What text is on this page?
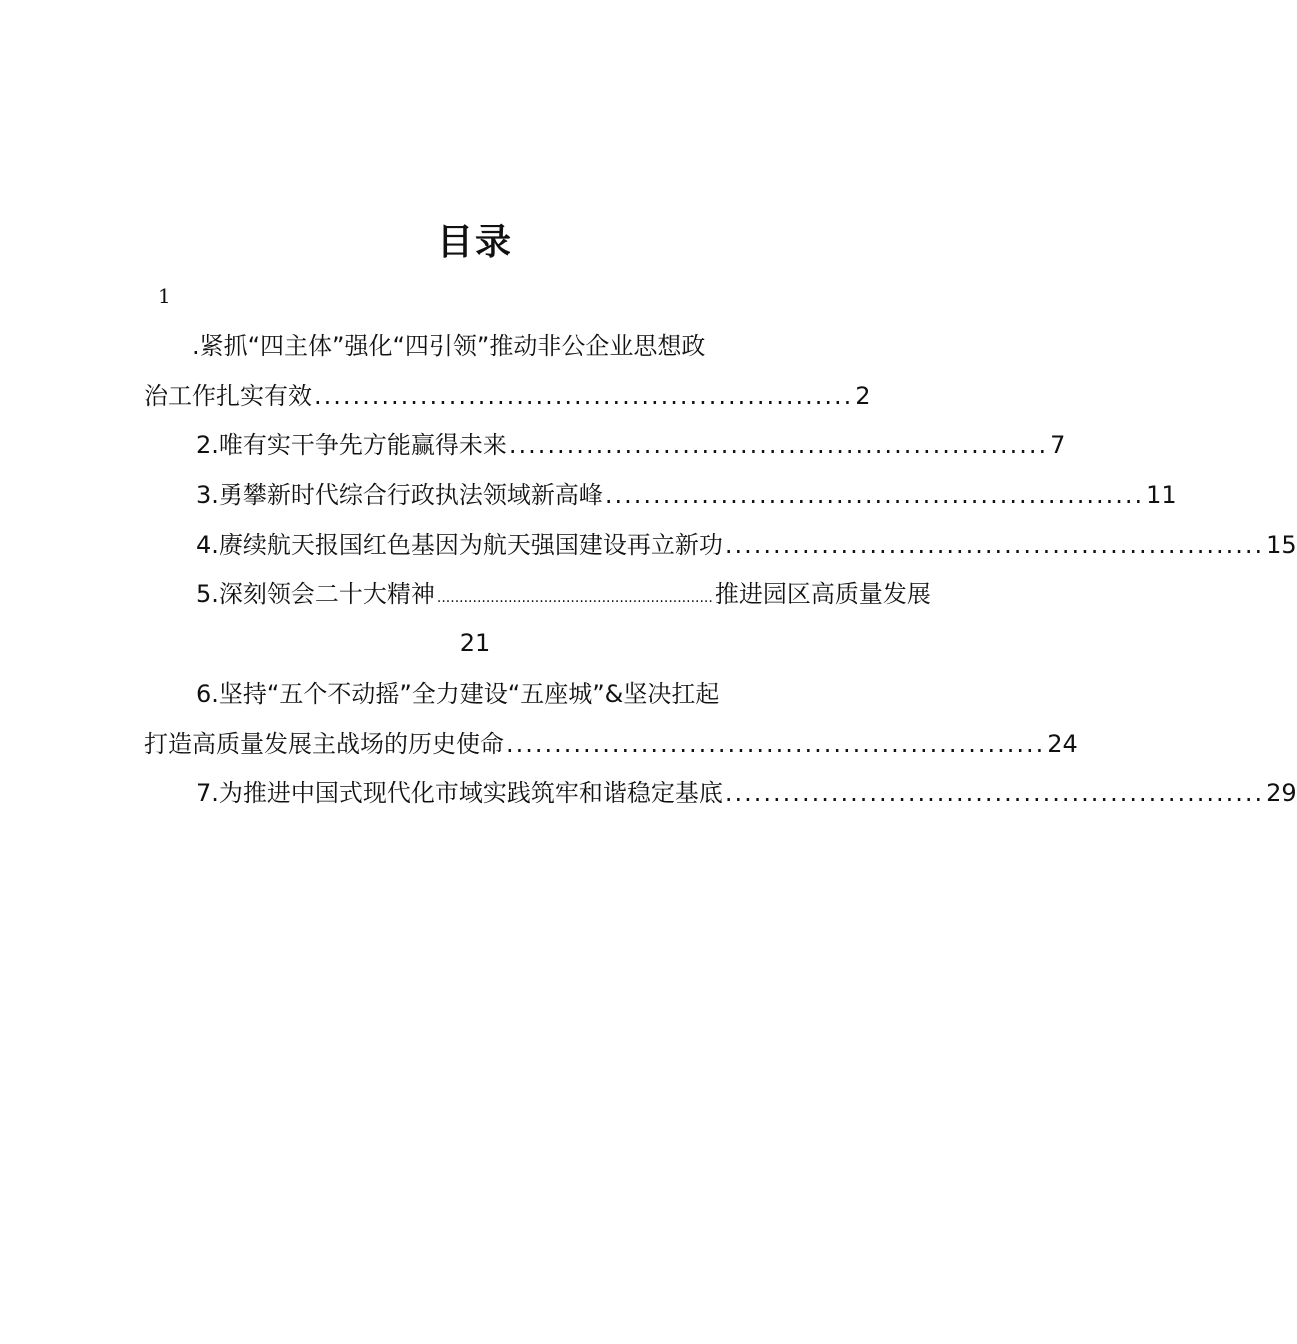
目录
1
.紧抓“四主体”强化“四引领”推动非公企业思想政
治工作扎实有效 ........................................................ 2
2.唯有实干争先方能赢得未来 ........................................................ 7
3.勇攀新时代综合行政执法领域新高峰 ........................................................ 11
4.赓续航天报国红色基因为航天强国建设再立新功 ........................................................ 15
5.深刻领会二十大精神 .............................................................. 推进园区高质量发展
21
6.坚持“五个不动摇”全力建设“五座城”&坚决扛起
打造高质量发展主战场的历史使命 ........................................................ 24
7.为推进中国式现代化市域实践筑牢和谐稳定基底 ........................................................ 29
